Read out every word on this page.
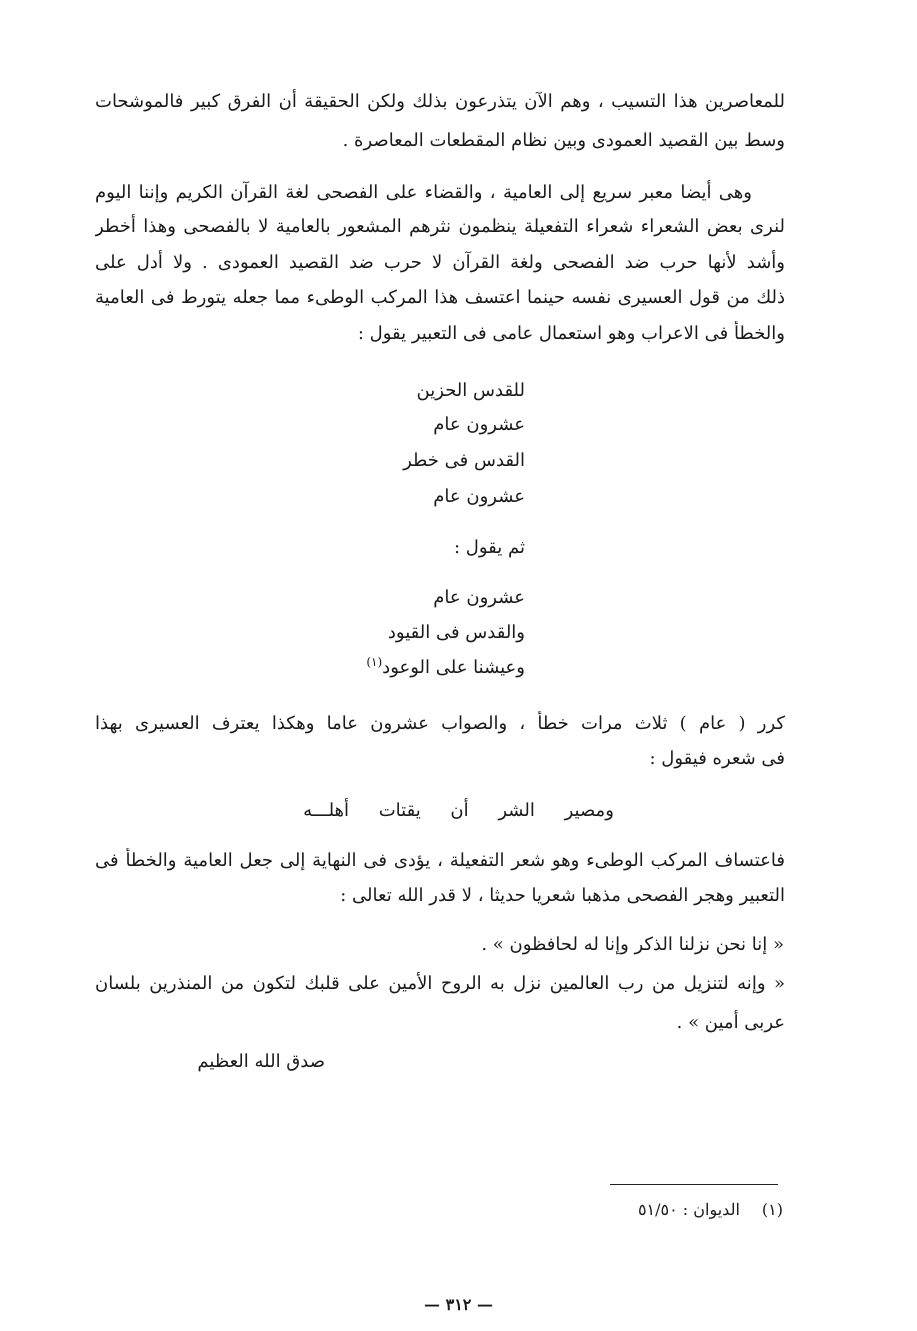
للمعاصرين هذا التسيب ، وهم الآن يتذرعون بذلك ولكن الحقيقة أن الفرق كبير فالموشحات
وسط بين القصيد العمودى وبين نظام المقطعات المعاصرة .
وهى أيضا معبر سريع إلى العامية ، والقضاء على الفصحى لغة القرآن الكريم وإننا اليوم
لنرى بعض الشعراء شعراء التفعيلة ينظمون نثرهم المشعور بالعامية لا بالفصحى وهذا أخطر
وأشد لأنها حرب ضد الفصحى ولغة القرآن لا حرب ضد القصيد العمودى . ولا أدل على
ذلك من قول العسيرى نفسه حينما اعتسف هذا المركب الوطىء مما جعله يتورط فى العامية
والخطأ فى الاعراب وهو استعمال عامى فى التعبير يقول :
للقدس الحزين
عشرون عام
القدس فى خطر
عشرون عام
ثم يقول :
عشرون عام
والقدس فى القيود
وعيشنا على الوعود$^{(١)}$
كرر ( عام ) ثلاث مرات خطأ ، والصواب عشرون عاما وهكذا يعترف العسيرى بهذا
فى شعره فيقول :
ومصير الشر أن يقتات أهلـــه
فاعتساف المركب الوطىء وهو شعر التفعيلة ، يؤدى فى النهاية إلى جعل العامية والخطأ فى
التعبير وهجر الفصحى مذهبا شعريا حديثا ، لا قدر الله تعالى :
« إنا نحن نزلنا الذكر وإنا له لحافظون » .
« وإنه لتنزيل من رب العالمين نزل به الروح الأمين على قلبك لتكون من المنذرين بلسان
عربى أمين » .
صدق الله العظيم
(١)الديوان : ٥١/٥٠
— ٣١٢ —
